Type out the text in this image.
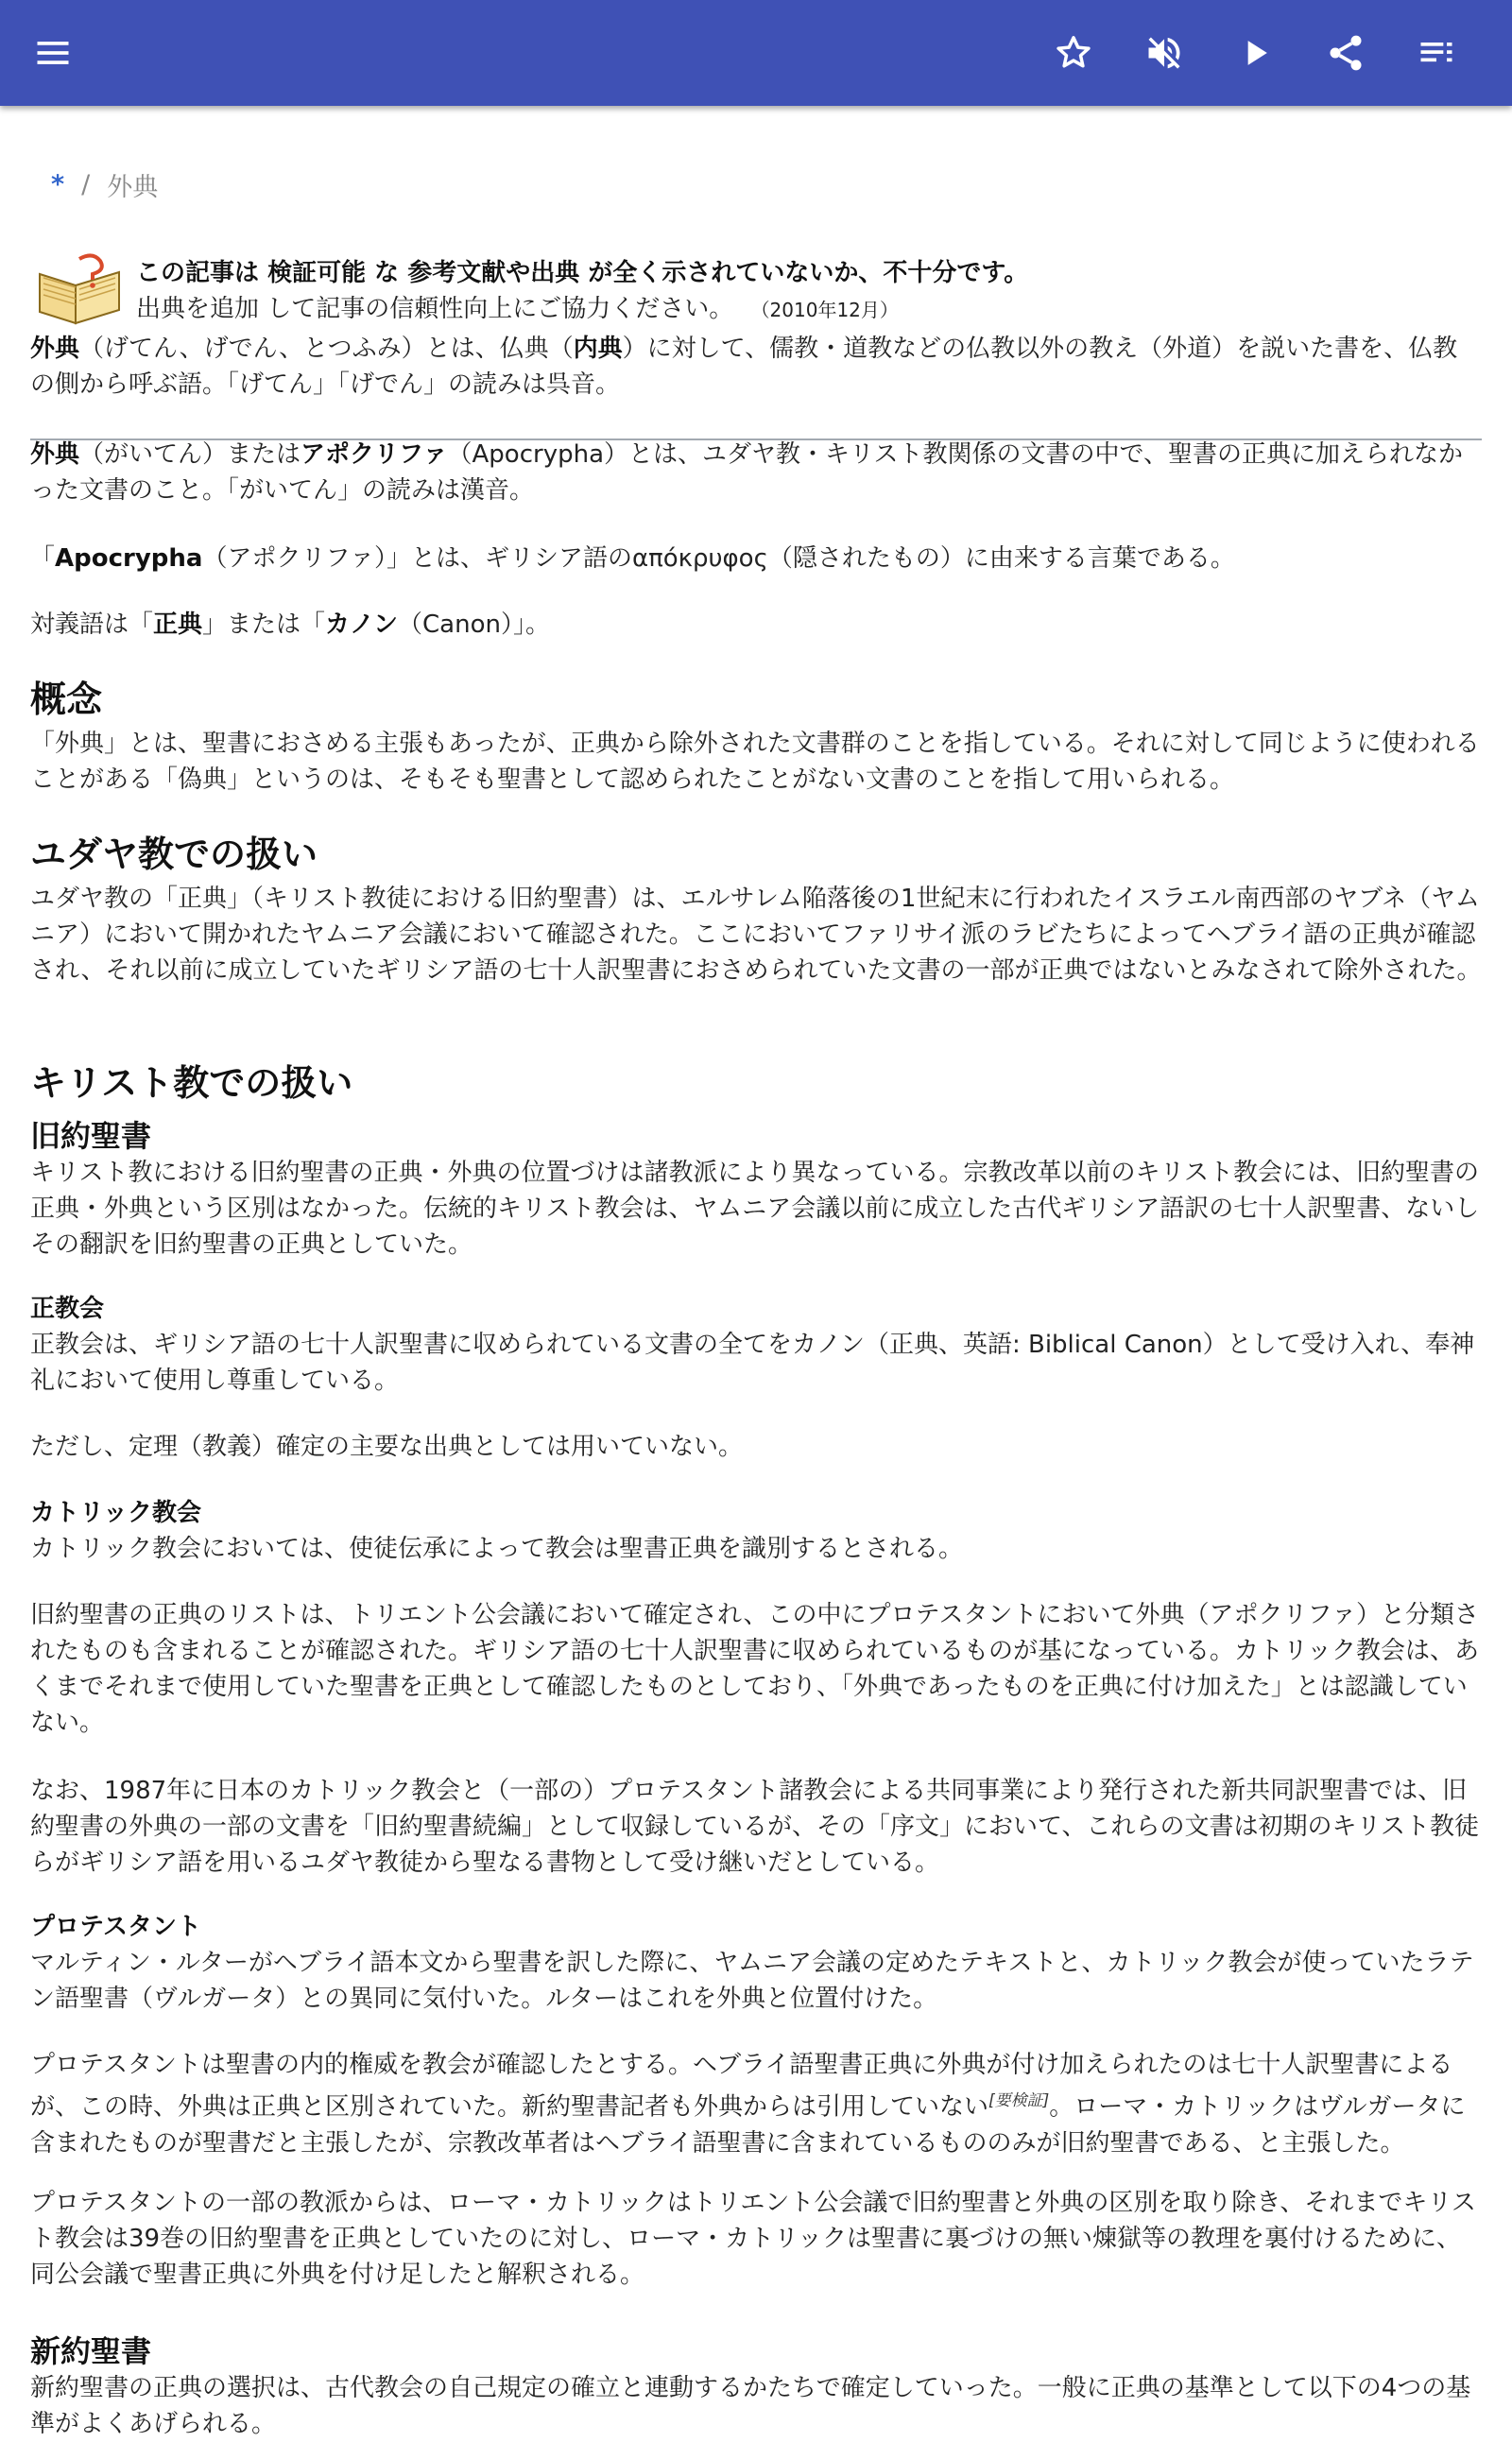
* / 外典
この記事は 検証可能 な 参考文献や出典 が全く示されていないか、不十分です。
出典を追加 して記事の信頼性向上にご協力ください。 （2010年12月）
外典（げてん、げでん、とつふみ）とは、仏典（内典）に対して、儒教・道教などの仏教以外の教え（外道）を説いた書を、仏教の側から呼ぶ語。「げてん」「げでん」の読みは呉音。
外典（がいてん）またはアポクリファ（Apocrypha）とは、ユダヤ教・キリスト教関係の文書の中で、聖書の正典に加えられなかった文書のこと。「がいてん」の読みは漢音。
「Apocrypha（アポクリファ）」とは、ギリシア語のαπόκρυφος（隠されたもの）に由来する言葉である。
対義語は「正典」または「カノン（Canon）」。
概念
「外典」とは、聖書におさめる主張もあったが、正典から除外された文書群のことを指している。それに対して同じように使われることがある「偽典」というのは、そもそも聖書として認められたことがない文書のことを指して用いられる。
ユダヤ教での扱い
ユダヤ教の「正典」（キリスト教徒における旧約聖書）は、エルサレム陥落後の1世紀末に行われたイスラエル南西部のヤブネ（ヤムニア）において開かれたヤムニア会議において確認された。ここにおいてファリサイ派のラビたちによってヘブライ語の正典が確認され、それ以前に成立していたギリシア語の七十人訳聖書におさめられていた文書の一部が正典ではないとみなされて除外された。
キリスト教での扱い
旧約聖書
キリスト教における旧約聖書の正典・外典の位置づけは諸教派により異なっている。宗教改革以前のキリスト教会には、旧約聖書の正典・外典という区別はなかった。伝統的キリスト教会は、ヤムニア会議以前に成立した古代ギリシア語訳の七十人訳聖書、ないしその翻訳を旧約聖書の正典としていた。
正教会
正教会は、ギリシア語の七十人訳聖書に収められている文書の全てをカノン（正典、英語: Biblical Canon）として受け入れ、奉神礼において使用し尊重している。
ただし、定理（教義）確定の主要な出典としては用いていない。
カトリック教会
カトリック教会においては、使徒伝承によって教会は聖書正典を識別するとされる。
旧約聖書の正典のリストは、トリエント公会議において確定され、この中にプロテスタントにおいて外典（アポクリファ）と分類されたものも含まれることが確認された。ギリシア語の七十人訳聖書に収められているものが基になっている。カトリック教会は、あくまでそれまで使用していた聖書を正典として確認したものとしており、「外典であったものを正典に付け加えた」とは認識していない。
なお、1987年に日本のカトリック教会と（一部の）プロテスタント諸教会による共同事業により発行された新共同訳聖書では、旧約聖書の外典の一部の文書を「旧約聖書続編」として収録しているが、その「序文」において、これらの文書は初期のキリスト教徒らがギリシア語を用いるユダヤ教徒から聖なる書物として受け継いだとしている。
プロテスタント
マルティン・ルターがヘブライ語本文から聖書を訳した際に、ヤムニア会議の定めたテキストと、カトリック教会が使っていたラテン語聖書（ヴルガータ）との異同に気付いた。ルターはこれを外典と位置付けた。
プロテスタントは聖書の内的権威を教会が確認したとする。ヘブライ語聖書正典に外典が付け加えられたのは七十人訳聖書によるが、この時、外典は正典と区別されていた。新約聖書記者も外典からは引用していない[要検証]。ローマ・カトリックはヴルガータに含まれたものが聖書だと主張したが、宗教改革者はヘブライ語聖書に含まれているもののみが旧約聖書である、と主張した。
プロテスタントの一部の教派からは、ローマ・カトリックはトリエント公会議で旧約聖書と外典の区別を取り除き、それまでキリスト教会は39巻の旧約聖書を正典としていたのに対し、ローマ・カトリックは聖書に裏づけの無い煉獄等の教理を裏付けるために、同公会議で聖書正典に外典を付け足したと解釈される。
新約聖書
新約聖書の正典の選択は、古代教会の自己規定の確立と連動するかたちで確定していった。一般に正典の基準として以下の4つの基準がよくあげられる。
